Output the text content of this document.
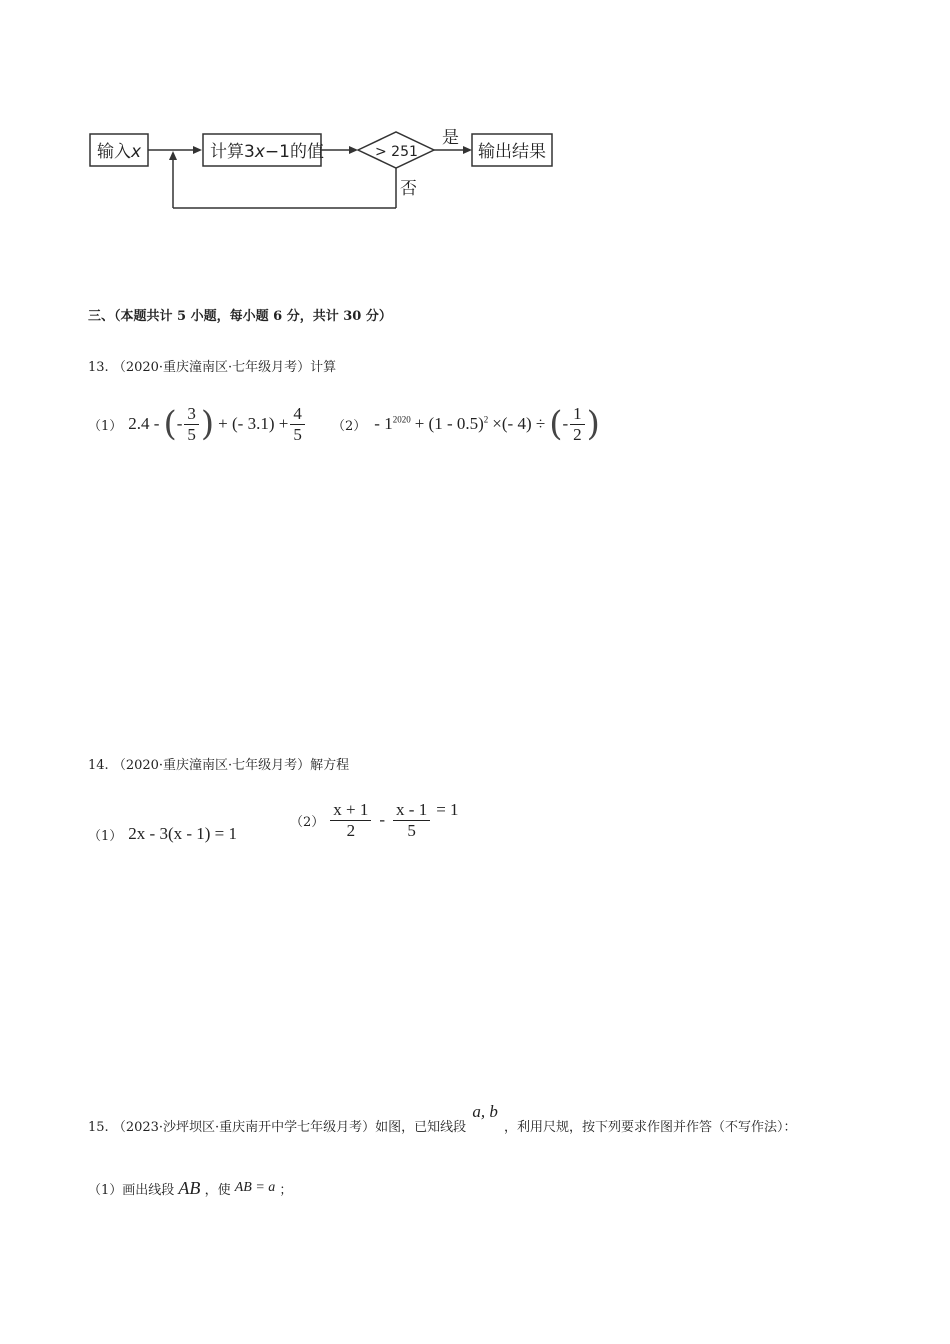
输入x	计算3x−1的值	> 251
是
输出结果
否
三、（本题共计 5 小题，每小题 6 分，共计 30 分）
13. （2020·重庆潼南区·七年级月考）计算
（1） 2.4 - ( - $\frac{3}{5}$ ) + (- $3.1) + \frac{4}{5} (2) - 1^{2020} + (1 - 0.5)^2$ ×(- 4) ÷ ( - $\frac{1}{2}$ )
14. （2020·重庆潼南区·七年级月考）解方程
（1） 2x - 3(x - 1) = 1
$(2) \frac{x + 1}{2} - \frac{x - 1}{5} = 1$
15. （2023·沙坪坝区·重庆南开中学七年级月考）如图，已知线段 a, b ，利用尺规，按下列要求作图并作答（不写作法）：
（1）画出线段 AB ，使 AB = a ；
